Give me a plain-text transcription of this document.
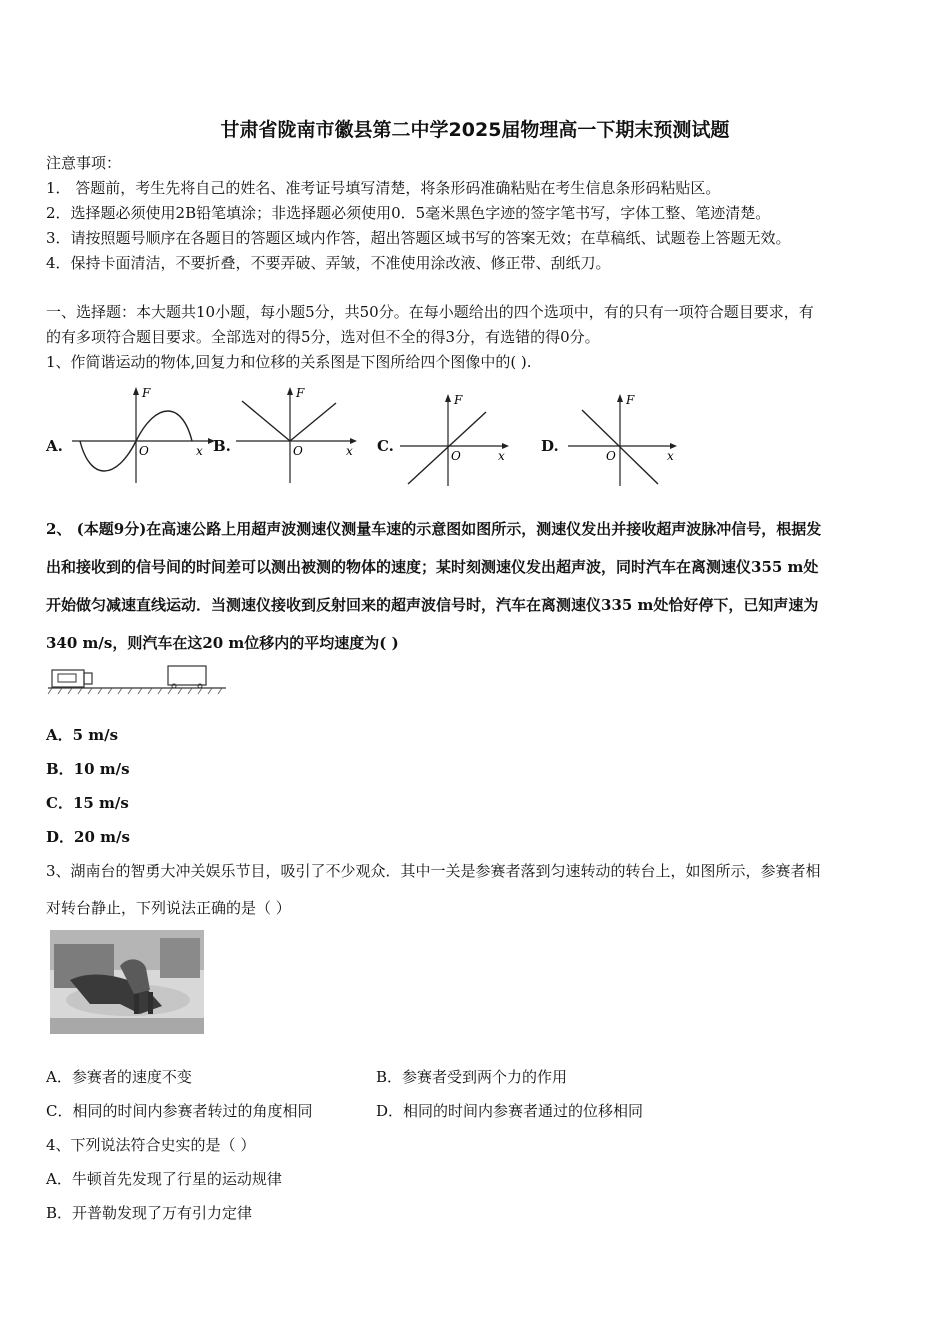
甘肃省陇南市徽县第二中学2025届物理高一下期末预测试题
注意事项：
1． 答题前，考生先将自己的姓名、准考证号填写清楚，将条形码准确粘贴在考生信息条形码粘贴区。
2．选择题必须使用2B铅笔填涂；非选择题必须使用0．5毫米黑色字迹的签字笔书写，字体工整、笔迹清楚。
3．请按照题号顺序在各题目的答题区域内作答，超出答题区域书写的答案无效；在草稿纸、试题卷上答题无效。
4．保持卡面清洁，不要折叠，不要弄破、弄皱，不准使用涂改液、修正带、刮纸刀。
一、选择题：本大题共10小题，每小题5分，共50分。在每小题给出的四个选项中，有的只有一项符合题目要求，有
的有多项符合题目要求。全部选对的得5分，选对但不全的得3分，有选错的得0分。
1、作简谐运动的物体,回复力和位移的关系图是下图所给四个图像中的( ).
A.
F
x
O	B.
F
x
O	C.
F
x
O
D.
F
x
O
2、 (本题9分)在高速公路上用超声波测速仪测量车速的示意图如图所示，测速仪发出并接收超声波脉冲信号，根据发
出和接收到的信号间的时间差可以测出被测的物体的速度；某时刻测速仪发出超声波，同时汽车在离测速仪355 m处
开始做匀减速直线运动．当测速仪接收到反射回来的超声波信号时，汽车在离测速仪335 m处恰好停下，已知声速为
340 m/s，则汽车在这20 m位移内的平均速度为( )
A．5 m/s
B．10 m/s
C．15 m/s
D．20 m/s
3、湖南台的智勇大冲关娱乐节目，吸引了不少观众．其中一关是参赛者落到匀速转动的转台上，如图所示，参赛者相
对转台静止，下列说法正确的是（ ）
A．参赛者的速度不变	B．参赛者受到两个力的作用
C．相同的时间内参赛者转过的角度相同	D．相同的时间内参赛者通过的位移相同
4、下列说法符合史实的是（ ）
A．牛顿首先发现了行星的运动规律
B．开普勒发现了万有引力定律
